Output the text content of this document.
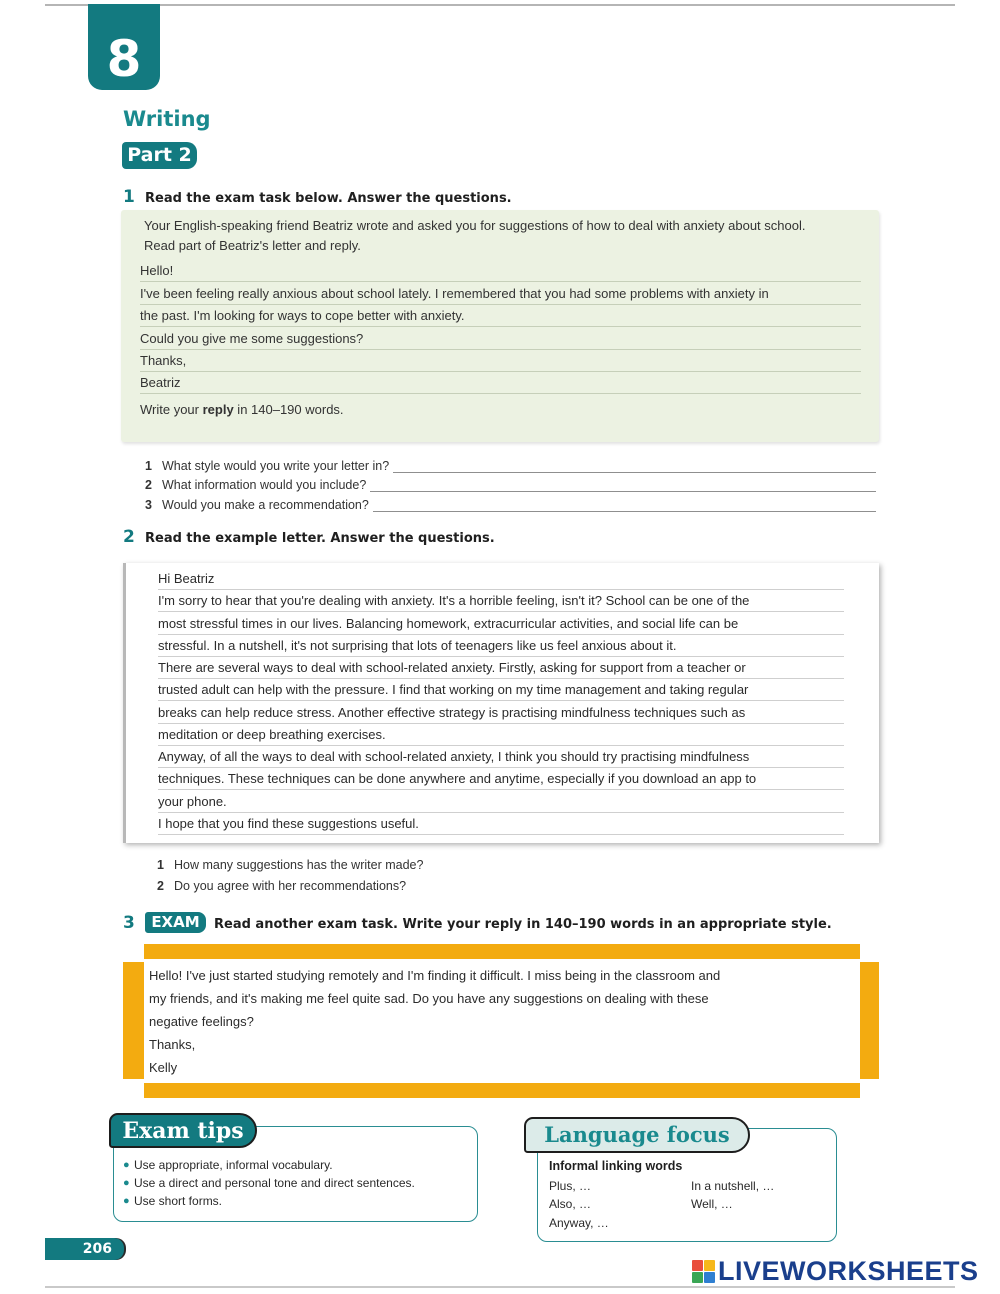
8
Writing
Part 2
1 Read the exam task below. Answer the questions.
Your English-speaking friend Beatriz wrote and asked you for suggestions of how to deal with anxiety about school.
Read part of Beatriz's letter and reply.
Hello!
I've been feeling really anxious about school lately. I remembered that you had some problems with anxiety in
the past. I'm looking for ways to cope better with anxiety.
Could you give me some suggestions?
Thanks,
Beatriz
Write your reply in 140–190 words.
1 What style would you write your letter in?
2 What information would you include?
3 Would you make a recommendation?
2 Read the example letter. Answer the questions.
Hi Beatriz
I'm sorry to hear that you're dealing with anxiety. It's a horrible feeling, isn't it? School can be one of the
most stressful times in our lives. Balancing homework, extracurricular activities, and social life can be
stressful. In a nutshell, it's not surprising that lots of teenagers like us feel anxious about it.
There are several ways to deal with school-related anxiety. Firstly, asking for support from a teacher or
trusted adult can help with the pressure. I find that working on my time management and taking regular
breaks can help reduce stress. Another effective strategy is practising mindfulness techniques such as
meditation or deep breathing exercises.
Anyway, of all the ways to deal with school-related anxiety, I think you should try practising mindfulness
techniques. These techniques can be done anywhere and anytime, especially if you download an app to
your phone.
I hope that you find these suggestions useful.
1 How many suggestions has the writer made?
2 Do you agree with her recommendations?
3	EXAM	Read another exam task. Write your reply in 140–190 words in an appropriate style.
Hello! I've just started studying remotely and I'm finding it difficult. I miss being in the classroom and
my friends, and it's making me feel quite sad. Do you have any suggestions on dealing with these
negative feelings?
Thanks,
Kelly
Exam tips
● Use appropriate, informal vocabulary.
● Use a direct and personal tone and direct sentences.
● Use short forms.
Language focus
Informal linking words
Plus, …	In a nutshell, …
Also, …	Well, …
Anyway, …
206
LIVEWORKSHEETS
